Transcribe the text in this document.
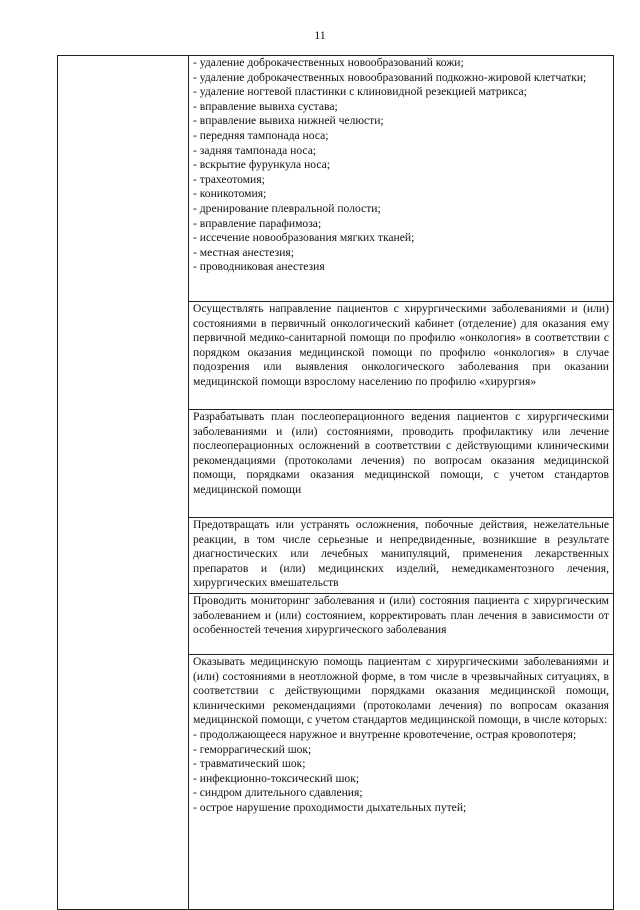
11

- удаление доброкачественных новообразований кожи;

- удаление доброкачественных новообразований подкожно-жировой клетчатки;

- удаление ногтевой пластинки с клиновидной резекцией матрикса;

- вправление вывиха сустава;

- вправление вывиха нижней челюсти;

- передняя тампонада носа;

- задняя тампонада носа;

- вскрытие фурункула носа;

- трахеотомия;

- коникотомия;

- дренирование плевральной полости;

- вправление парафимоза;

- иссечение новообразования мягких тканей;

- местная анестезия;

- проводниковая анестезия

Осуществлять направление пациентов с хирургическими заболеваниями и (или) состояниями в первичный онкологический кабинет (отделение) для оказания ему первичной медико-санитарной помощи по профилю «онкология» в соответствии с порядком оказания медицинской помощи по профилю «онкология» в случае подозрения или выявления онкологического заболевания при оказании медицинской помощи взрослому населению по профилю «хирургия»

Разрабатывать план послеоперационного ведения пациентов с хирургическими заболеваниями и (или) состояниями, проводить профилактику или лечение послеоперационных осложнений в соответствии с действующими клиническими рекомендациями (протоколами лечения) по вопросам оказания медицинской помощи, порядками оказания медицинской помощи, с учетом стандартов медицинской помощи

Предотвращать или устранять осложнения, побочные действия, нежелательные реакции, в том числе серьезные и непредвиденные, возникшие в результате диагностических или лечебных манипуляций, применения лекарственных препаратов и (или) медицинских изделий, немедикаментозного лечения, хирургических вмешательств

Проводить мониторинг заболевания и (или) состояния пациента с хирургическим заболеванием и (или) состоянием, корректировать план лечения в зависимости от особенностей течения хирургического заболевания

Оказывать медицинскую помощь пациентам с хирургическими заболеваниями и (или) состояниями в неотложной форме, в том числе в чрезвычайных ситуациях, в соответствии с действующими порядками оказания медицинской помощи, клиническими рекомендациями (протоколами лечения) по вопросам оказания медицинской помощи, с учетом стандартов медицинской помощи, в числе которых:

- продолжающееся наружное и внутренне кровотечение, острая кровопотеря;

- геморрагический шок;

- травматический шок;

- инфекционно-токсический шок;

- синдром длительного сдавления;

- острое нарушение проходимости дыхательных путей;
